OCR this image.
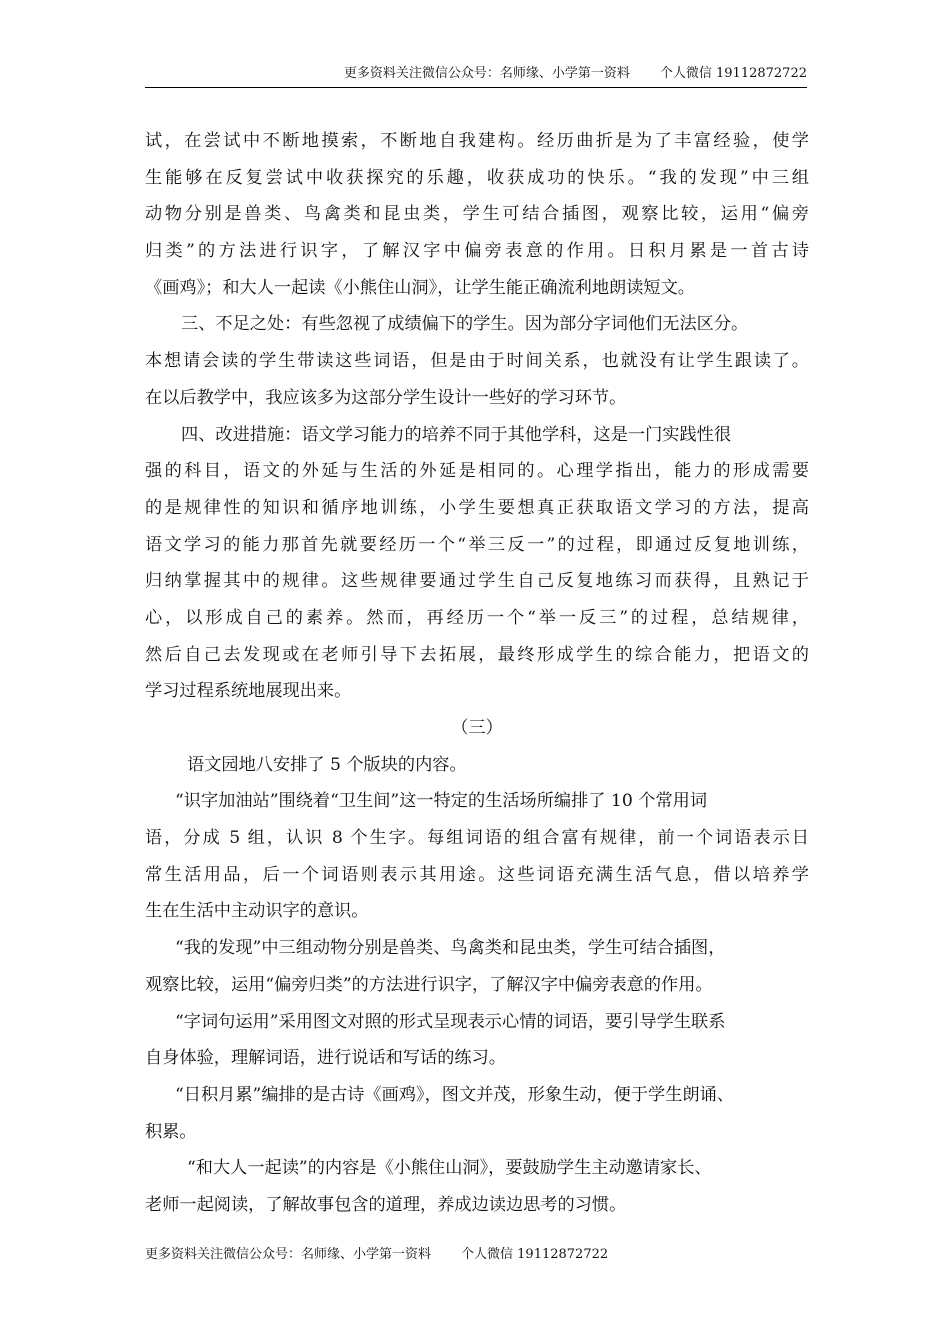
更多资料关注微信公众号：名师缘、小学第一资料 个人微信 19112872722
试，在尝试中不断地摸索，不断地自我建构。经历曲折是为了丰富经验，使学
生能够在反复尝试中收获探究的乐趣，收获成功的快乐。“我的发现”中三组
动物分别是兽类、鸟禽类和昆虫类，学生可结合插图，观察比较，运用“偏旁
归类”的方法进行识字，了解汉字中偏旁表意的作用。日积月累是一首古诗
《画鸡》；和大人一起读《小熊住山洞》，让学生能正确流利地朗读短文。
三、不足之处：有些忽视了成绩偏下的学生。因为部分字词他们无法区分。
本想请会读的学生带读这些词语，但是由于时间关系，也就没有让学生跟读了。
在以后教学中，我应该多为这部分学生设计一些好的学习环节。
四、改进措施：语文学习能力的培养不同于其他学科，这是一门实践性很
强的科目，语文的外延与生活的外延是相同的。心理学指出，能力的形成需要
的是规律性的知识和循序地训练，小学生要想真正获取语文学习的方法，提高
语文学习的能力那首先就要经历一个“举三反一”的过程，即通过反复地训练，
归纳掌握其中的规律。这些规律要通过学生自己反复地练习而获得，且熟记于
心，以形成自己的素养。然而，再经历一个“举一反三”的过程，总结规律，
然后自己去发现或在老师引导下去拓展，最终形成学生的综合能力，把语文的
学习过程系统地展现出来。
（三）
语文园地八安排了 5 个版块的内容。
“识字加油站”围绕着“卫生间”这一特定的生活场所编排了 10 个常用词
语，分成 5 组，认识 8 个生字。每组词语的组合富有规律，前一个词语表示日
常生活用品，后一个词语则表示其用途。这些词语充满生活气息，借以培养学
生在生活中主动识字的意识。
“我的发现”中三组动物分别是兽类、鸟禽类和昆虫类，学生可结合插图，
观察比较，运用“偏旁归类”的方法进行识字，了解汉字中偏旁表意的作用。
“字词句运用”采用图文对照的形式呈现表示心情的词语，要引导学生联系
自身体验，理解词语，进行说话和写话的练习。
“日积月累”编排的是古诗《画鸡》，图文并茂，形象生动，便于学生朗诵、
积累。
“和大人一起读”的内容是《小熊住山洞》，要鼓励学生主动邀请家长、
老师一起阅读，了解故事包含的道理，养成边读边思考的习惯。
更多资料关注微信公众号：名师缘、小学第一资料 个人微信 19112872722
